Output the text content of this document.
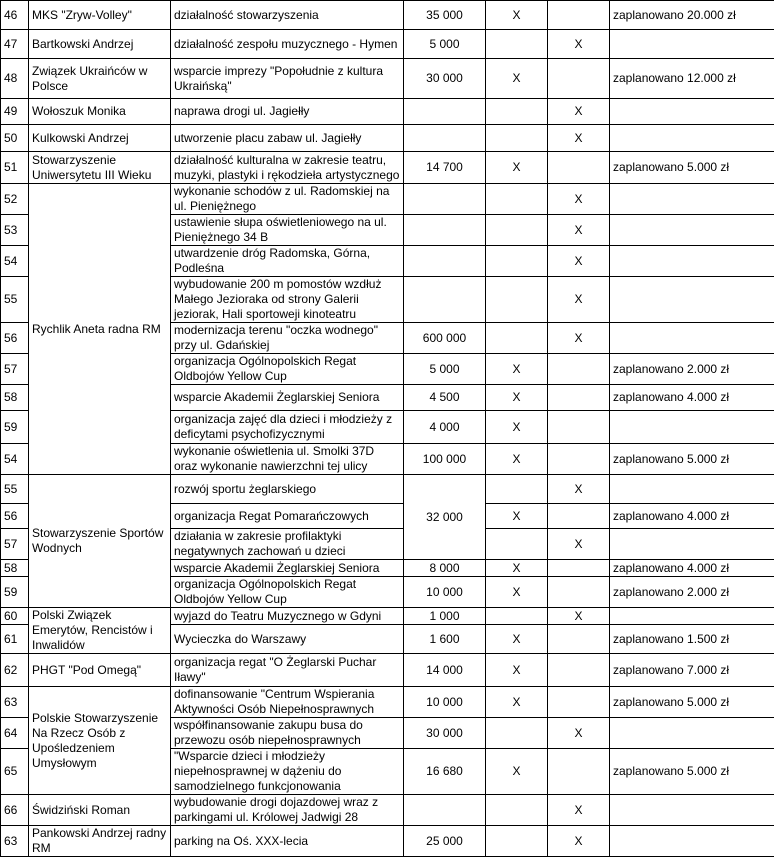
46	MKS "Zryw-Volley"	działalność stowarzyszenia	35 000	X		zaplanowano 20.000 zł
47	Bartkowski Andrzej	działalność zespołu muzycznego - Hymen	5 000		X	
48	Związek Ukraińców w Polsce	wsparcie imprezy "Popołudnie z kultura Ukraińską"	30 000	X		zaplanowano 12.000 zł
49	Wołoszuk Monika	naprawa drogi ul. Jagiełły			X	
50	Kulkowski Andrzej	utworzenie placu zabaw ul. Jagiełły			X	
51	Stowarzyszenie Uniwersytetu III Wieku	działalność kulturalna w zakresie teatru, muzyki, plastyki i rękodzieła artystycznego	14 700	X		zaplanowano 5.000 zł
52	Rychlik Aneta radna RM	wykonanie schodów z ul. Radomskiej na ul. Pieniężnego			X	
53		ustawienie słupa oświetleniowego na ul. Pieniężnego 34 B			X	
54		utwardzenie dróg Radomska, Górna, Podleśna			X	
55		wybudowanie 200 m pomostów wzdłuż Małego Jezioraka od strony Galerii jeziorak, Hali sportoweji kinoteatru			X	
56		modernizacja terenu "oczka wodnego" przy ul. Gdańskiej	600 000		X	
57		organizacja Ogólnopolskich Regat Oldbojów Yellow Cup	5 000	X		zaplanowano 2.000 zł
58		wsparcie Akademii Żeglarskiej Seniora	4 500	X		zaplanowano 4.000 zł
59		organizacja zajęć dla dzieci i młodzieży z deficytami psychofizycznymi	4 000	X		
54		wykonanie oświetlenia ul. Smolki 37D oraz wykonanie nawierzchni tej ulicy	100 000	X		zaplanowano 5.000 zł
55	Stowarzyszenie Sportów Wodnych	rozwój sportu żeglarskiego	32 000		X	
56		organizacja Regat Pomarańczowych		X		zaplanowano 4.000 zł
57		działania w zakresie profilaktyki negatywnych zachowań u dzieci			X	
58		wsparcie Akademii Żeglarskiej Seniora	8 000	X		zaplanowano 4.000 zł
59		organizacja Ogólnopolskich Regat Oldbojów Yellow Cup	10 000	X		zaplanowano 2.000 zł
60	Polski Związek Emerytów, Rencistów i Inwalidów	wyjazd do Teatru Muzycznego w Gdyni	1 000		X	
61		Wycieczka do Warszawy	1 600	X		zaplanowano 1.500 zł
62	PHGT "Pod Omegą"	organizacja regat "O Żeglarski Puchar Iławy"	14 000	X		zaplanowano 7.000 zł
63	Polskie Stowarzyszenie Na Rzecz Osób z Upośledzeniem Umysłowym	dofinansowanie "Centrum Wspierania Aktywności Osób Niepełnosprawnych	10 000	X		zaplanowano 5.000 zł
64		współfinansowanie zakupu busa do przewozu osób niepełnosprawnych	30 000		X	
65		"Wsparcie dzieci i młodzieży niepełnosprawnej w dążeniu do samodzielnego funkcjonowania	16 680	X		zaplanowano 5.000 zł
66	Świdziński Roman	wybudowanie drogi dojazdowej wraz z parkingami ul. Królowej Jadwigi 28			X	
63	Pankowski Andrzej radny RM	parking na Oś. XXX-lecia	25 000		X	
